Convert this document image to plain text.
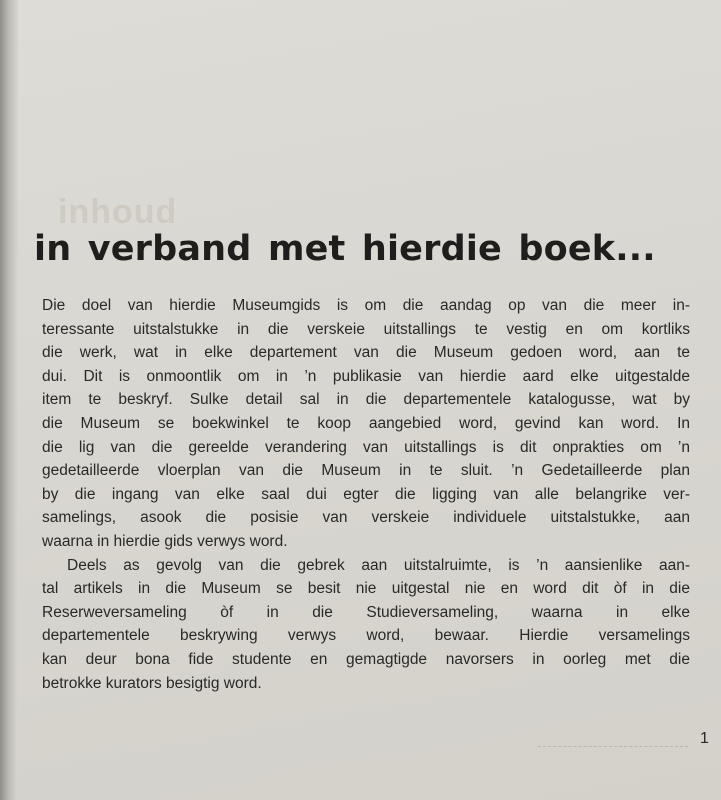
inhoud
in verband met hierdie boek...

Die doel van hierdie Museumgids is om die aandag op van die meer in-
teressante uitstalstukke in die verskeie uitstallings te vestig en om kortliks
die werk, wat in elke departement van die Museum gedoen word, aan te
dui. Dit is onmoontlik om in ’n publikasie van hierdie aard elke uitgestalde
item te beskryf. Sulke detail sal in die departementele katalogusse, wat by
die Museum se boekwinkel te koop aangebied word, gevind kan word. In
die lig van die gereelde verandering van uitstallings is dit onprakties om ’n
gedetailleerde vloerplan van die Museum in te sluit. ’n Gedetailleerde plan
by die ingang van elke saal dui egter die ligging van alle belangrike ver-
samelings, asook die posisie van verskeie individuele uitstalstukke, aan
waarna in hierdie gids verwys word.

Deels as gevolg van die gebrek aan uitstalruimte, is ’n aansienlike aan-
tal artikels in die Museum se besit nie uitgestal nie en word dit òf in die
Reserweversameling òf in die Studieversameling, waarna in elke
departementele beskrywing verwys word, bewaar. Hierdie versamelings
kan deur bona fide studente en gemagtigde navorsers in oorleg met die
betrokke kurators besigtig word.

1
